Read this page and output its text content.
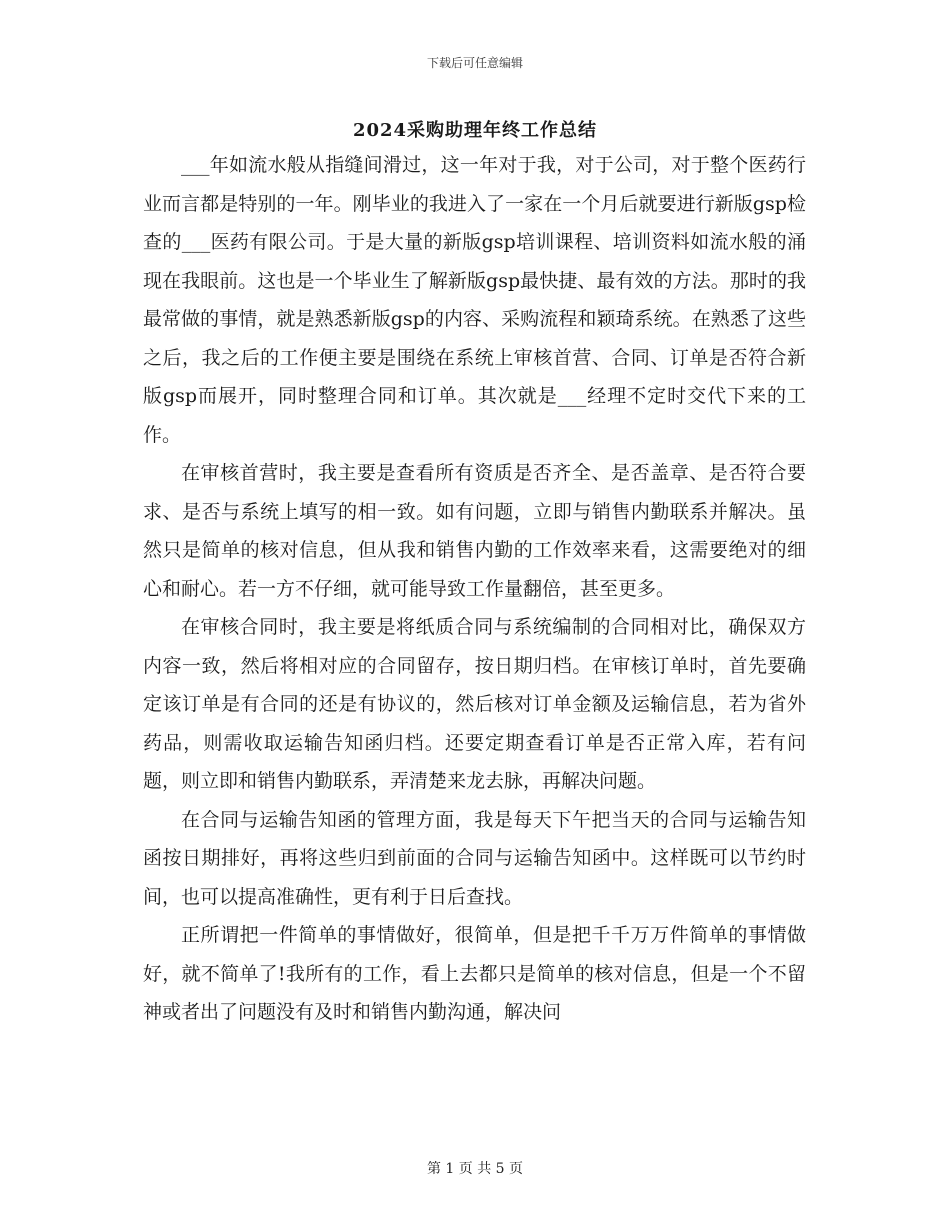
下载后可任意编辑
2024采购助理年终工作总结

___年如流水般从指缝间滑过，这一年对于我，对于公司，对于整个医药行业而言都是特别的一年。刚毕业的我进入了一家在一个月后就要进行新版gsp检查的___医药有限公司。于是大量的新版gsp培训课程、培训资料如流水般的涌现在我眼前。这也是一个毕业生了解新版gsp最快捷、最有效的方法。那时的我最常做的事情，就是熟悉新版gsp的内容、采购流程和颖琦系统。在熟悉了这些之后，我之后的工作便主要是围绕在系统上审核首营、合同、订单是否符合新版gsp而展开，同时整理合同和订单。其次就是___经理不定时交代下来的工作。

在审核首营时，我主要是查看所有资质是否齐全、是否盖章、是否符合要求、是否与系统上填写的相一致。如有问题，立即与销售内勤联系并解决。虽然只是简单的核对信息，但从我和销售内勤的工作效率来看，这需要绝对的细心和耐心。若一方不仔细，就可能导致工作量翻倍，甚至更多。

在审核合同时，我主要是将纸质合同与系统编制的合同相对比，确保双方内容一致，然后将相对应的合同留存，按日期归档。在审核订单时，首先要确定该订单是有合同的还是有协议的，然后核对订单金额及运输信息，若为省外药品，则需收取运输告知函归档。还要定期查看订单是否正常入库，若有问题，则立即和销售内勤联系，弄清楚来龙去脉，再解决问题。

在合同与运输告知函的管理方面，我是每天下午把当天的合同与运输告知函按日期排好，再将这些归到前面的合同与运输告知函中。这样既可以节约时间，也可以提高准确性，更有利于日后查找。

正所谓把一件简单的事情做好，很简单，但是把千千万万件简单的事情做好，就不简单了!我所有的工作，看上去都只是简单的核对信息，但是一个不留神或者出了问题没有及时和销售内勤沟通，解决问

第 1 页 共 5 页
